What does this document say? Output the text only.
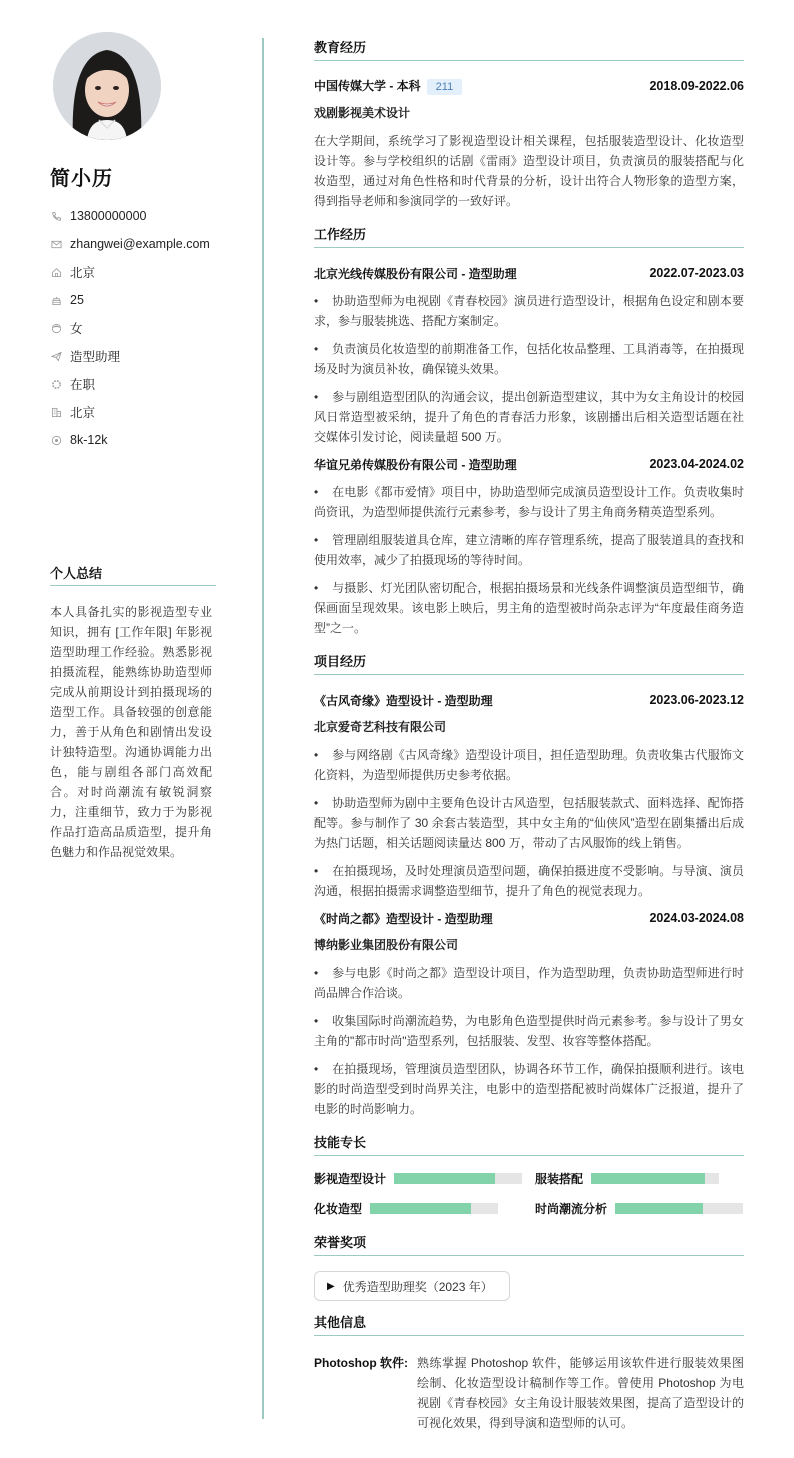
简小历
13800000000
zhangwei@example.com
北京
25
女
造型助理
在职
北京
8k-12k
个人总结

本人具备扎实的影视造型专业知识，拥有 [工作年限] 年影视造型助理工作经验。熟悉影视拍摄流程，能熟练协助造型师完成从前期设计到拍摄现场的造型工作。具备较强的创意能力，善于从角色和剧情出发设计独特造型。沟通协调能力出色，能与剧组各部门高效配合。对时尚潮流有敏锐洞察力，注重细节，致力于为影视作品打造高品质造型，提升角色魅力和作品视觉效果。

教育经历
中国传媒大学 - 本科 211	2018.09-2022.06
戏剧影视美术设计

在大学期间，系统学习了影视造型设计相关课程，包括服装造型设计、化妆造型设计等。参与学校组织的话剧《雷雨》造型设计项目，负责演员的服装搭配与化妆造型，通过对角色性格和时代背景的分析，设计出符合人物形象的造型方案，得到指导老师和参演同学的一致好评。

工作经历
北京光线传媒股份有限公司 - 造型助理	2022.07-2023.03
•协助造型师为电视剧《青春校园》演员进行造型设计，根据角色设定和剧本要求，参与服装挑选、搭配方案制定。
•负责演员化妆造型的前期准备工作，包括化妆品整理、工具消毒等，在拍摄现场及时为演员补妆，确保镜头效果。
•参与剧组造型团队的沟通会议，提出创新造型建议，其中为女主角设计的校园风日常造型被采纳，提升了角色的青春活力形象，该剧播出后相关造型话题在社交媒体引发讨论，阅读量超 500 万。
华谊兄弟传媒股份有限公司 - 造型助理	2023.04-2024.02
•在电影《都市爱情》项目中，协助造型师完成演员造型设计工作。负责收集时尚资讯，为造型师提供流行元素参考，参与设计了男主角商务精英造型系列。
•管理剧组服装道具仓库，建立清晰的库存管理系统，提高了服装道具的查找和使用效率，减少了拍摄现场的等待时间。
•与摄影、灯光团队密切配合，根据拍摄场景和光线条件调整演员造型细节，确保画面呈现效果。该电影上映后，男主角的造型被时尚杂志评为“年度最佳商务造型”之一。
项目经历
《古风奇缘》造型设计 - 造型助理	2023.06-2023.12
北京爱奇艺科技有限公司
•参与网络剧《古风奇缘》造型设计项目，担任造型助理。负责收集古代服饰文化资料，为造型师提供历史参考依据。
•协助造型师为剧中主要角色设计古风造型，包括服装款式、面料选择、配饰搭配等。参与制作了 30 余套古装造型，其中女主角的“仙侠风”造型在剧集播出后成为热门话题，相关话题阅读量达 800 万，带动了古风服饰的线上销售。
•在拍摄现场，及时处理演员造型问题，确保拍摄进度不受影响。与导演、演员沟通，根据拍摄需求调整造型细节，提升了角色的视觉表现力。
《时尚之都》造型设计 - 造型助理	2024.03-2024.08
博纳影业集团股份有限公司
•参与电影《时尚之都》造型设计项目，作为造型助理，负责协助造型师进行时尚品牌合作洽谈。
•收集国际时尚潮流趋势，为电影角色造型提供时尚元素参考。参与设计了男女主角的"都市时尚"造型系列，包括服装、发型、妆容等整体搭配。
•在拍摄现场，管理演员造型团队，协调各环节工作，确保拍摄顺利进行。该电影的时尚造型受到时尚界关注，电影中的造型搭配被时尚媒体广泛报道，提升了电影的时尚影响力。
技能专长
影视造型设计	服装搭配
化妆造型	时尚潮流分析
荣誉奖项
▶ 优秀造型助理奖（2023 年）
其他信息
Photoshop 软件: 熟练掌握 Photoshop 软件，能够运用该软件进行服装效果图绘制、化妆造型设计稿制作等工作。曾使用 Photoshop 为电视剧《青春校园》女主角设计服装效果图，提高了造型设计的可视化效果，得到导演和造型师的认可。
